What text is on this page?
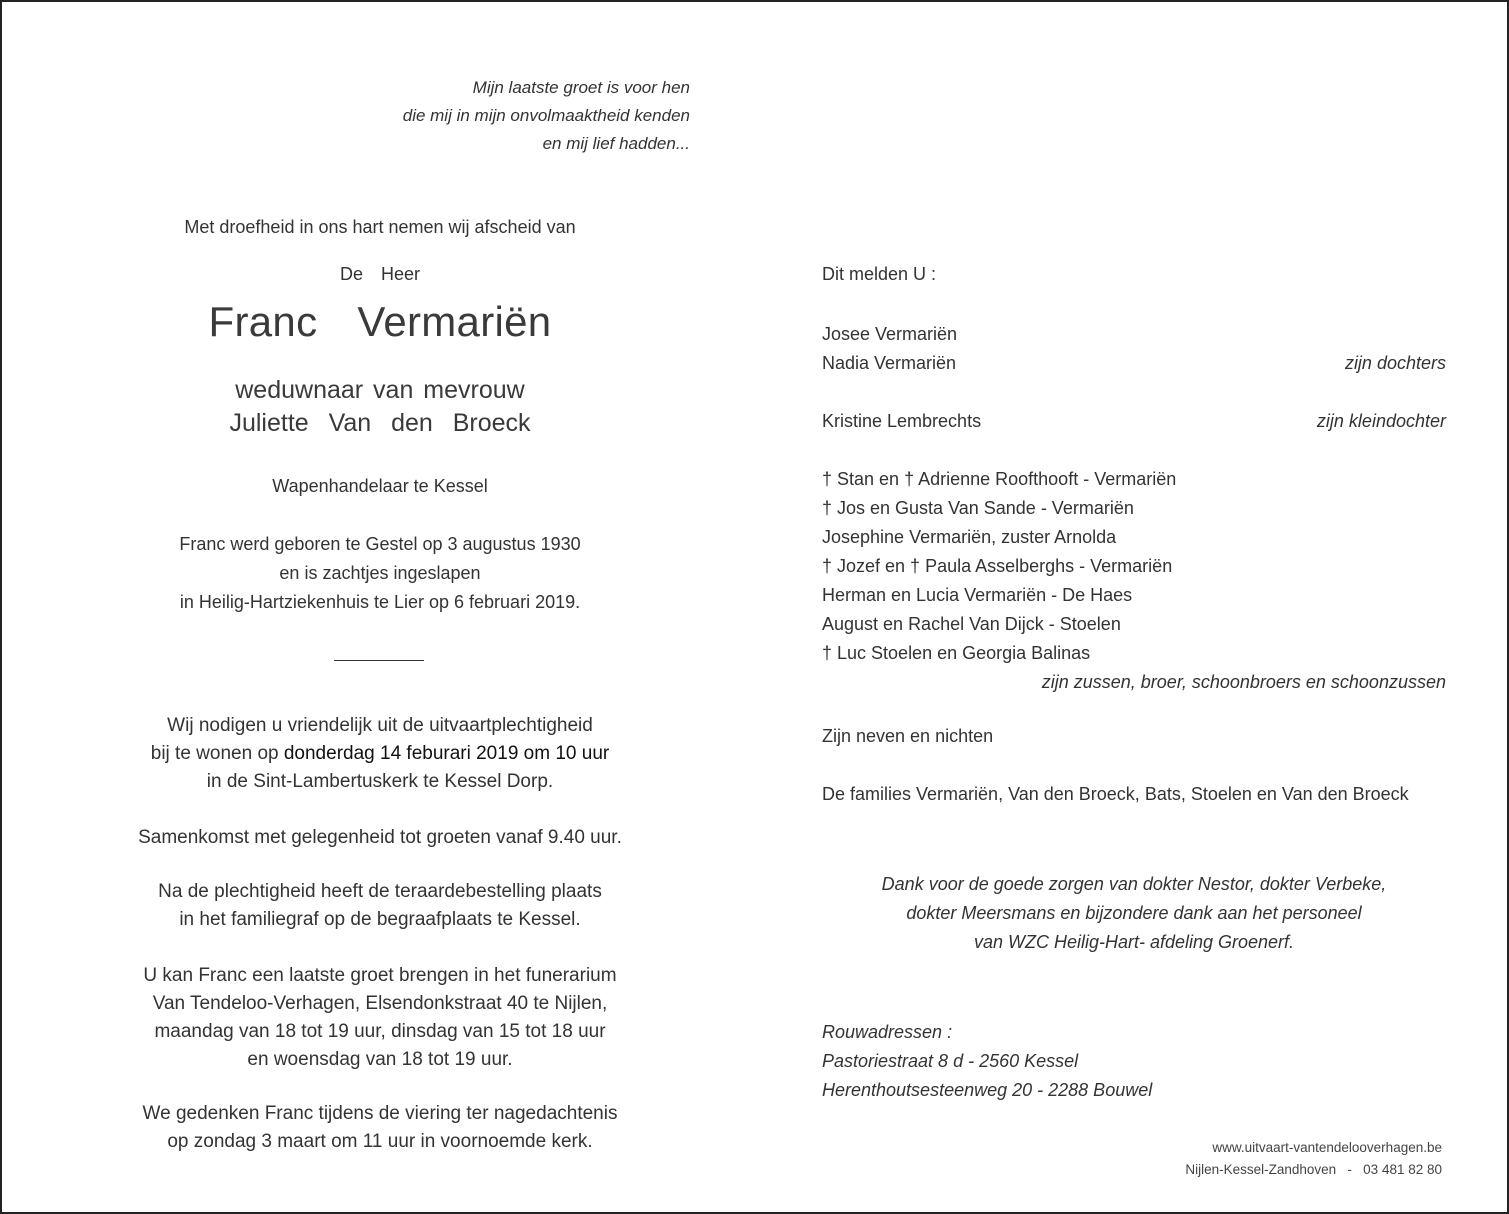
Mijn laatste groet is voor hen
die mij in mijn onvolmaaktheid kenden
en mij lief hadden...
Met droefheid in ons hart nemen wij afscheid van
De  Heer
Franc  Vermariën
weduwnaar van mevrouw
Juliette  Van  den  Broeck
Wapenhandelaar te Kessel
Franc werd geboren te Gestel op 3 augustus 1930
en is zachtjes ingeslapen
in Heilig-Hartziekenhuis te Lier op 6 februari 2019.
Wij nodigen u vriendelijk uit de uitvaartplechtigheid
bij te wonen op donderdag 14 feburari 2019 om 10 uur
in de Sint-Lambertuskerk te Kessel Dorp.
Samenkomst met gelegenheid tot groeten vanaf 9.40 uur.
Na de plechtigheid heeft de teraardebestelling plaats
in het familiegraf op de begraafplaats te Kessel.
U kan Franc een laatste groet brengen in het funerarium
Van Tendeloo-Verhagen, Elsendonkstraat 40 te Nijlen,
maandag van 18 tot 19 uur, dinsdag van 15 tot 18 uur
en woensdag van 18 tot 19 uur.
We gedenken Franc tijdens de viering ter nagedachtenis
op zondag 3 maart om 11 uur in voornoemde kerk.
Dit melden U :
Josee Vermariën
Nadia Vermariën	zijn dochters
Kristine Lembrechts	zijn kleindochter
† Stan en † Adrienne Roofthooft - Vermariën
† Jos en Gusta Van Sande - Vermariën
Josephine Vermariën, zuster Arnolda
† Jozef en † Paula Asselberghs - Vermariën
Herman en Lucia Vermariën - De Haes
August en Rachel Van Dijck - Stoelen
† Luc Stoelen en Georgia Balinas
zijn zussen, broer, schoonbroers en schoonzussen
Zijn neven en nichten
De families Vermariën, Van den Broeck, Bats, Stoelen en Van den Broeck
Dank voor de goede zorgen van dokter Nestor, dokter Verbeke,
dokter Meersmans en bijzondere dank aan het personeel
van WZC Heilig-Hart- afdeling Groenerf.
Rouwadressen :
Pastoriestraat 8 d - 2560 Kessel
Herenthoutsesteenweg 20 - 2288 Bouwel
www.uitvaart-vantendelooverhagen.be
Nijlen-Kessel-Zandhoven   -   03 481 82 80
